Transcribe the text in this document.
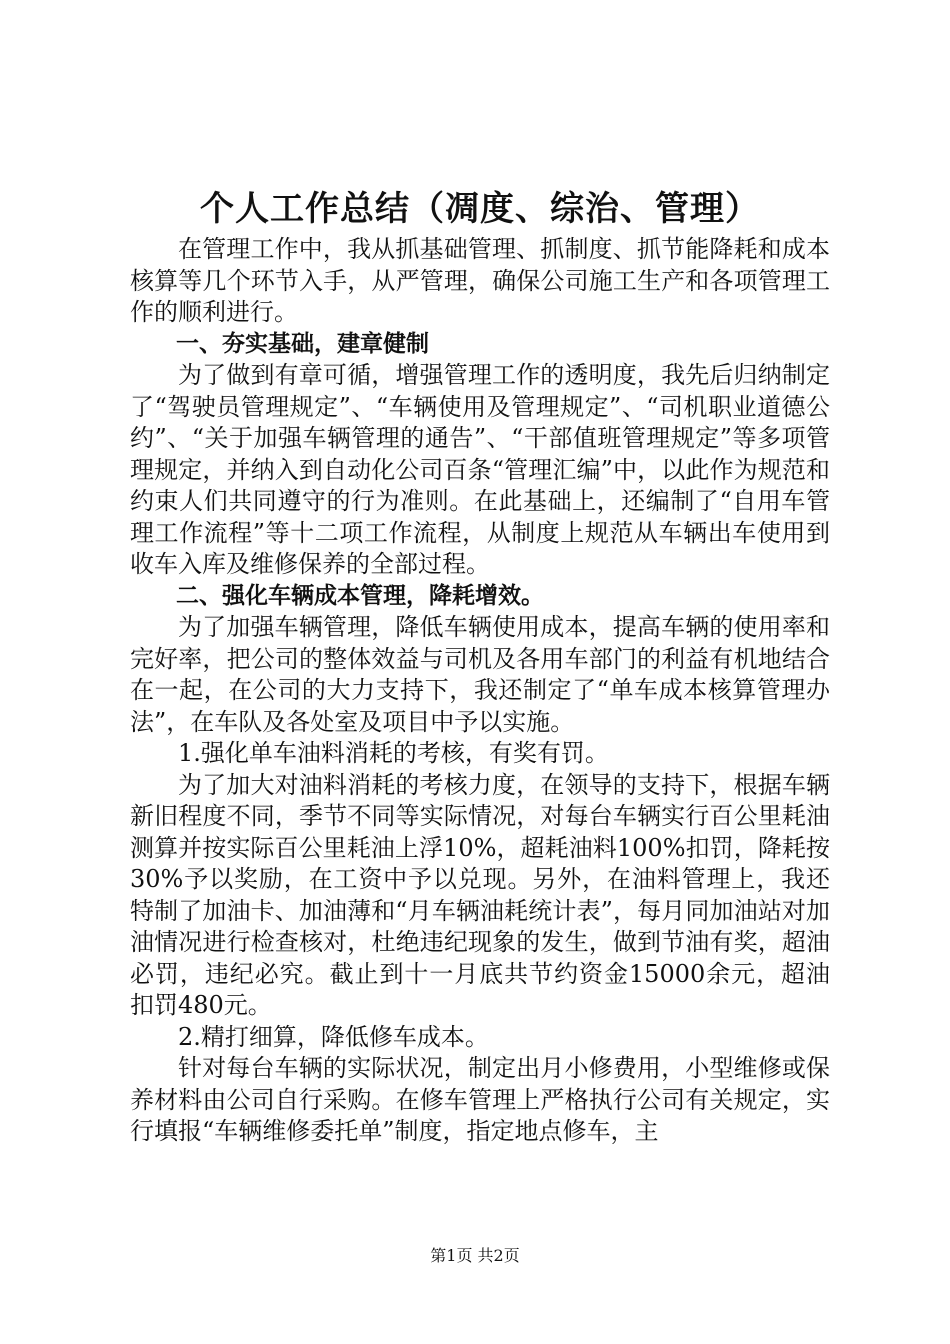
个人工作总结（凋度、综治、管理）

在管理工作中，我从抓基础管理、抓制度、抓节能降耗和成本核算等几个环节入手，从严管理，确保公司施工生产和各项管理工作的顺利进行。

一、夯实基础，建章健制

为了做到有章可循，增强管理工作的透明度，我先后归纳制定了“驾驶员管理规定”、“车辆使用及管理规定”、“司机职业道德公约”、“关于加强车辆管理的通告”、“干部值班管理规定”等多项管理规定，并纳入到自动化公司百条“管理汇编”中，以此作为规范和约束人们共同遵守的行为准则。在此基础上，还编制了“自用车管理工作流程”等十二项工作流程，从制度上规范从车辆出车使用到收车入库及维修保养的全部过程。

二、强化车辆成本管理，降耗增效。

为了加强车辆管理，降低车辆使用成本，提高车辆的使用率和完好率，把公司的整体效益与司机及各用车部门的利益有机地结合在一起，在公司的大力支持下，我还制定了“单车成本核算管理办法”，在车队及各处室及项目中予以实施。

1.强化单车油料消耗的考核，有奖有罚。

为了加大对油料消耗的考核力度，在领导的支持下，根据车辆新旧程度不同，季节不同等实际情况，对每台车辆实行百公里耗油测算并按实际百公里耗油上浮10%，超耗油料100%扣罚，降耗按30%予以奖励，在工资中予以兑现。另外，在油料管理上，我还特制了加油卡、加油薄和“月车辆油耗统计表”，每月同加油站对加油情况进行检查核对，杜绝违纪现象的发生，做到节油有奖，超油必罚，违纪必究。截止到十一月底共节约资金15000余元，超油扣罚480元。

2.精打细算，降低修车成本。

针对每台车辆的实际状况，制定出月小修费用，小型维修或保养材料由公司自行采购。在修车管理上严格执行公司有关规定，实行填报“车辆维修委托单”制度，指定地点修车，主

第1页 共2页
